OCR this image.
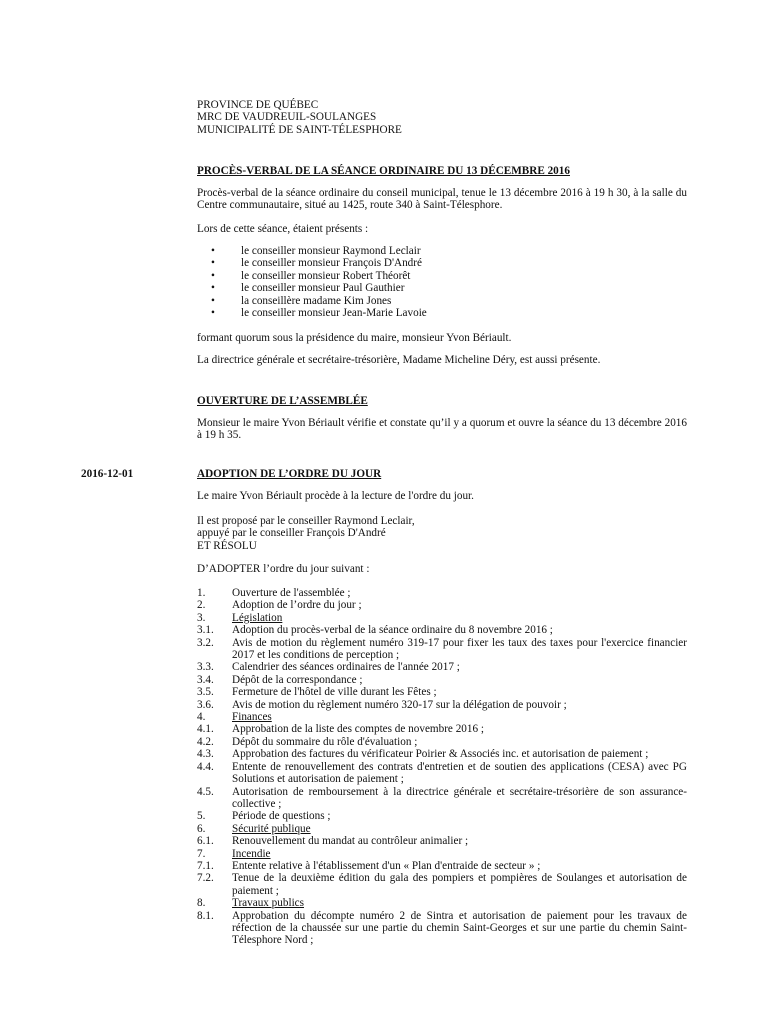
PROVINCE DE QUÉBEC
MRC DE VAUDREUIL-SOULANGES
MUNICIPALITÉ DE SAINT-TÉLESPHORE
PROCÈS-VERBAL DE LA SÉANCE ORDINAIRE DU 13 DÉCEMBRE 2016

Procès-verbal de la séance ordinaire du conseil municipal, tenue le 13 décembre 2016 à 19 h 30, à la salle du Centre communautaire, situé au 1425, route 340 à Saint-Télesphore.

Lors de cette séance, étaient présents :

• le conseiller monsieur Raymond Leclair
• le conseiller monsieur François D'André
• le conseiller monsieur Robert Théorêt
• le conseiller monsieur Paul Gauthier
• la conseillère madame Kim Jones
• le conseiller monsieur Jean-Marie Lavoie

formant quorum sous la présidence du maire, monsieur Yvon Bériault.

La directrice générale et secrétaire-trésorière, Madame Micheline Déry, est aussi présente.

OUVERTURE DE L’ASSEMBLÉE

Monsieur le maire Yvon Bériault vérifie et constate qu’il y a quorum et ouvre la séance du 13 décembre 2016 à 19 h 35.

2016-12-01	ADOPTION DE L’ORDRE DU JOUR

Le maire Yvon Bériault procède à la lecture de l'ordre du jour.

Il est proposé par le conseiller Raymond Leclair,
appuyé par le conseiller François D'André
ET RÉSOLU

D’ADOPTER l’ordre du jour suivant :

1.	Ouverture de l'assemblée ;
2.	Adoption de l’ordre du jour ;
3.	Législation
3.1.	Adoption du procès-verbal de la séance ordinaire du 8 novembre 2016 ;
3.2.	Avis de motion du règlement numéro 319-17 pour fixer les taux des taxes pour l'exercice financier 2017 et les conditions de perception ;
3.3.	Calendrier des séances ordinaires de l'année 2017 ;
3.4.	Dépôt de la correspondance ;
3.5.	Fermeture de l'hôtel de ville durant les Fêtes ;
3.6.	Avis de motion du règlement numéro 320-17 sur la délégation de pouvoir ;
4.	Finances
4.1.	Approbation de la liste des comptes de novembre 2016 ;
4.2.	Dépôt du sommaire du rôle d'évaluation ;
4.3.	Approbation des factures du vérificateur Poirier & Associés inc. et autorisation de paiement ;
4.4.	Entente de renouvellement des contrats d'entretien et de soutien des applications (CESA) avec PG Solutions et autorisation de paiement ;
4.5.	Autorisation de remboursement à la directrice générale et secrétaire-trésorière de son assurance-collective ;
5.	Période de questions ;
6.	Sécurité publique
6.1.	Renouvellement du mandat au contrôleur animalier ;
7.	Incendie
7.1.	Entente relative à l'établissement d'un « Plan d'entraide de secteur » ;
7.2.	Tenue de la deuxième édition du gala des pompiers et pompières de Soulanges et autorisation de paiement ;
8.	Travaux publics
8.1.	Approbation du décompte numéro 2 de Sintra et autorisation de paiement pour les travaux de réfection de la chaussée sur une partie du chemin Saint-Georges et sur une partie du chemin Saint-Télesphore Nord ;
